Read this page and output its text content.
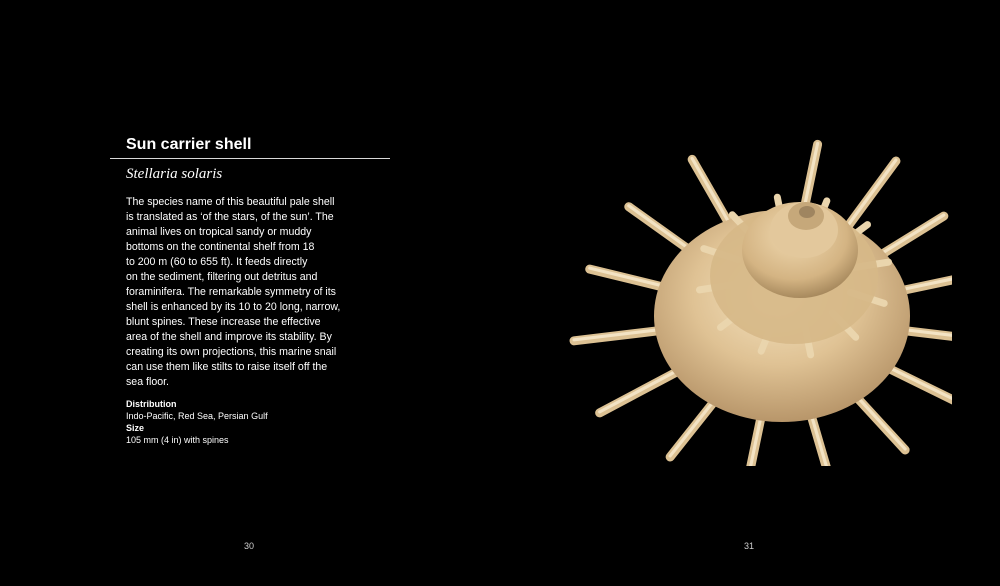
Sun carrier shell
Stellaria solaris

The species name of this beautiful pale shell
is translated as ‘of the stars, of the sun’. The
animal lives on tropical sandy or muddy
bottoms on the continental shelf from 18
to 200 m (60 to 655 ft). It feeds directly
on the sediment, filtering out detritus and
foraminifera. The remarkable symmetry of its
shell is enhanced by its 10 to 20 long, narrow,
blunt spines. These increase the effective
area of the shell and improve its stability. By
creating its own projections, this marine snail
can use them like stilts to raise itself off the
sea floor.

Distribution
Indo-Pacific, Red Sea, Persian Gulf
Size
105 mm (4 in) with spines
30	31
